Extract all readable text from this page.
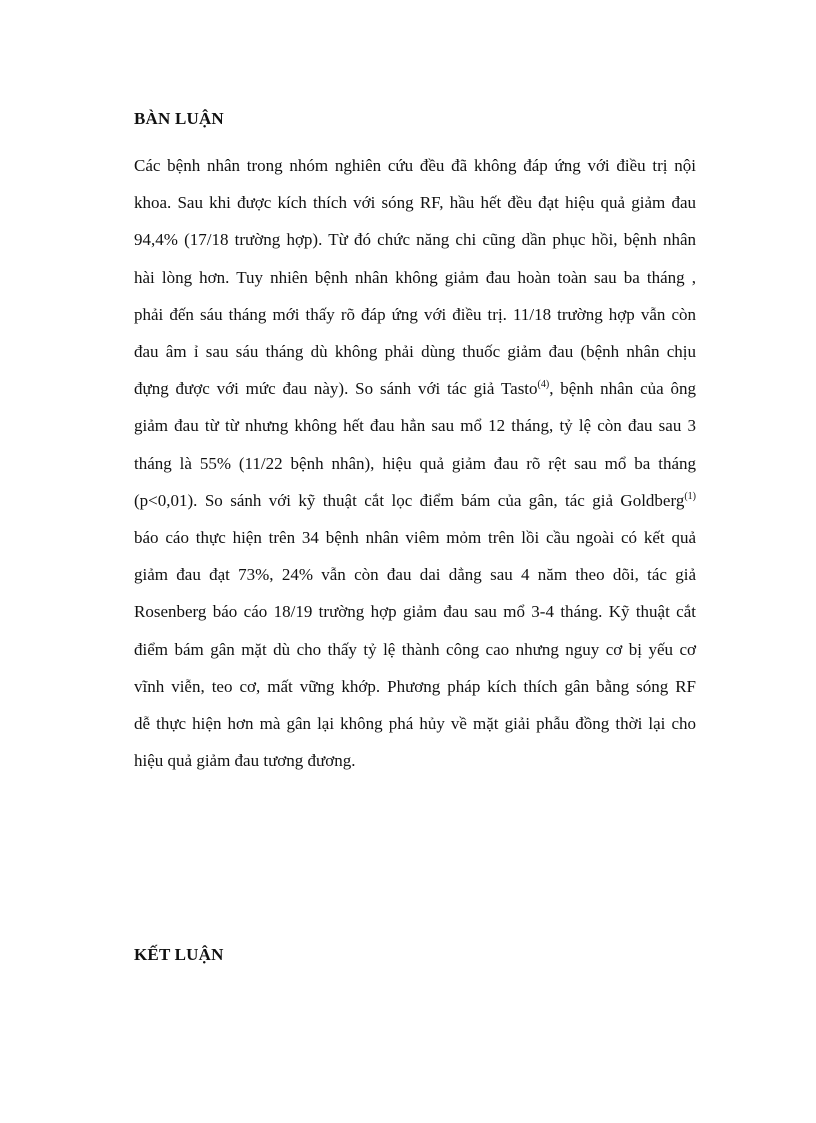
BÀN LUẬN

Các bệnh nhân trong nhóm nghiên cứu đều đã không đáp ứng với điều trị nội
khoa. Sau khi được kích thích với sóng RF, hầu hết đều đạt hiệu quả giảm đau
94,4% (17/18 trường hợp). Từ đó chức năng chi cũng dần phục hồi, bệnh nhân
hài lòng hơn. Tuy nhiên bệnh nhân không giảm đau hoàn toàn sau ba tháng ,
phải đến sáu tháng mới thấy rõ đáp ứng với điều trị. 11/18 trường hợp vẫn còn
đau âm ỉ sau sáu tháng dù không phải dùng thuốc giảm đau (bệnh nhân chịu
đựng được với mức đau này). So sánh với tác giả Tasto$^{(4)}$, bệnh nhân của ông
giảm đau từ từ nhưng không hết đau hẳn sau mổ 12 tháng, tỷ lệ còn đau sau 3
tháng là 55% (11/22 bệnh nhân), hiệu quả giảm đau rõ rệt sau mổ ba tháng
(p<0,01). So sánh với kỹ thuật cắt lọc điểm bám của gân, tác giả Goldberg$^{(1)}$
báo cáo thực hiện trên 34 bệnh nhân viêm mỏm trên lồi cầu ngoài có kết quả
giảm đau đạt 73%, 24% vẫn còn đau dai dẳng sau 4 năm theo dõi, tác giả
Rosenberg báo cáo 18/19 trường hợp giảm đau sau mổ 3-4 tháng. Kỹ thuật cắt
điểm bám gân mặt dù cho thấy tỷ lệ thành công cao nhưng nguy cơ bị yếu cơ
vĩnh viễn, teo cơ, mất vững khớp. Phương pháp kích thích gân bằng sóng RF
dễ thực hiện hơn mà gân lại không phá hủy về mặt giải phẫu đồng thời lại cho
hiệu quả giảm đau tương đương.

KẾT LUẬN
